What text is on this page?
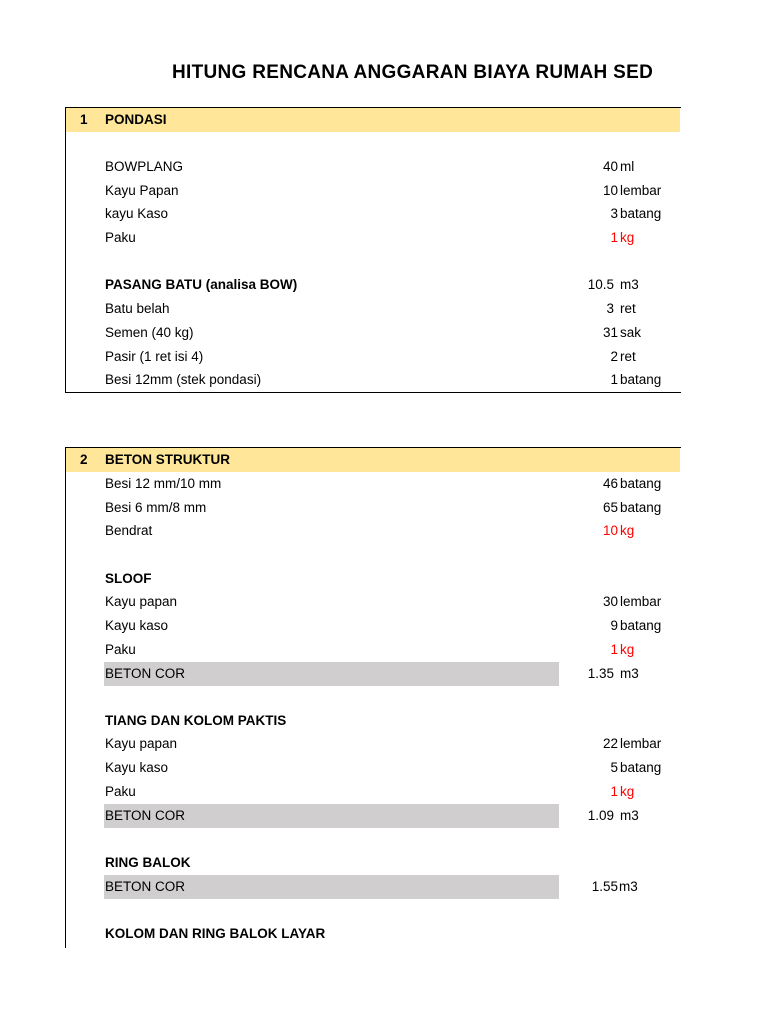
HITUNG RENCANA ANGGARAN BIAYA RUMAH SED
1 PONDASI
BOWPLANG	40 ml
Kayu Papan	10 lembar
kayu Kaso	3 batang
Paku	1 kg
PASANG BATU (analisa BOW)	10.5 m3
Batu belah	3 ret
Semen (40 kg)	31 sak
Pasir (1 ret isi 4)	2 ret
Besi 12mm (stek pondasi)	1 batang
2 BETON STRUKTUR
Besi 12 mm/10 mm	46 batang
Besi 6 mm/8 mm	65 batang
Bendrat	10 kg
SLOOF
Kayu papan	30 lembar
Kayu kaso	9 batang
Paku	1 kg
BETON COR	1.35 m3
TIANG DAN KOLOM PAKTIS
Kayu papan	22 lembar
Kayu kaso	5 batang
Paku	1 kg
BETON COR	1.09 m3
RING BALOK
BETON COR	1.55 m3
KOLOM DAN RING BALOK LAYAR
